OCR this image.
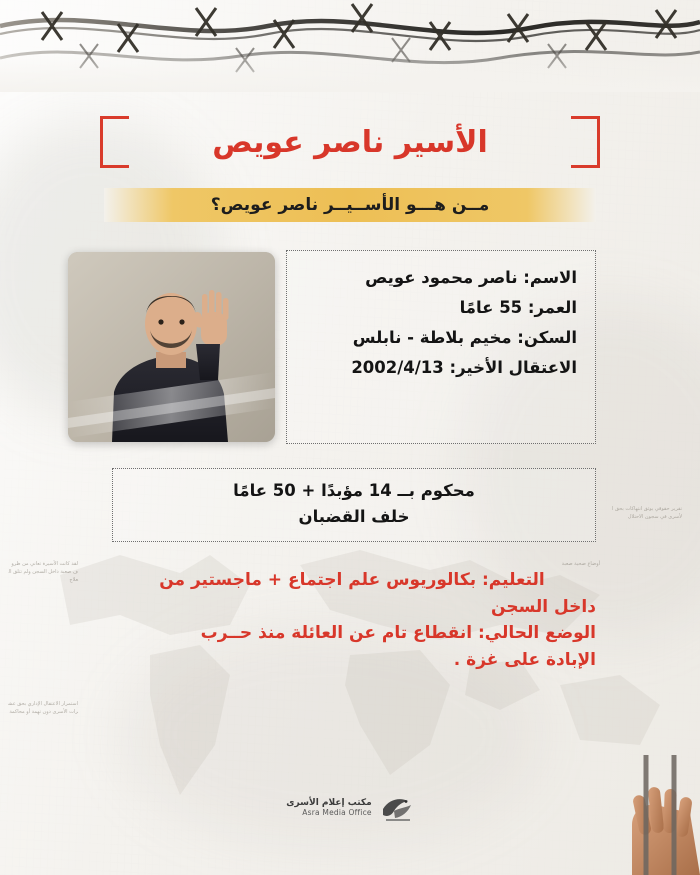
لقد كانت الأسيرة تعاني من ظروف صعبة داخل السجن ولم تتلق العلاج
استمرار الاعتقال الإداري بحق عشرات الأسرى دون تهمة أو محاكمة
تقرير حقوقي يوثق انتهاكات بحق الأسرى في سجون الاحتلال
أوضاع صحية صعبة
الأسير ناصر عويص
مــن هـــو الأســيــر ناصر عويص؟

الاسم: ناصر محمود عويص

العمر: 55 عامًا

السكن: مخيم بلاطة - نابلس

الاعتقال الأخير: 2002/4/13

محكوم بــ 14 مؤبدًا + 50 عامًا

خلف القضبان

التعليم: بكالوريوس علم اجتماع + ماجستير من

داخل السجن

الوضع الحالي: انقطاع تام عن العائلة منذ حــرب

الإبادة على غزة .

مكتب إعلام الأسرى
Asra Media Office
